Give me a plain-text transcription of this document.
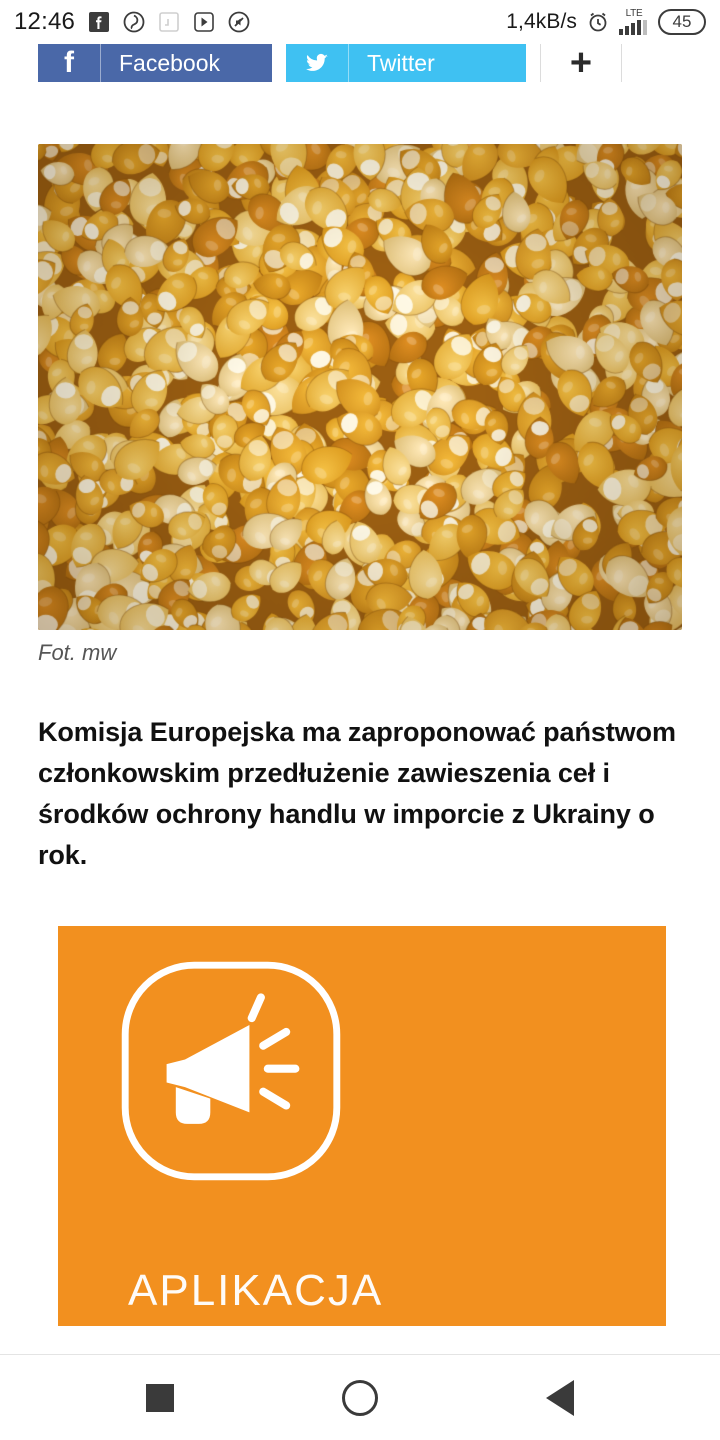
12:46	1,4kB/s	LTE 45
f	Facebook	Twitter	+
Fot. mw
Komisja Europejska ma zaproponować państwom członkowskim przedłużenie zawieszenia ceł i środków ochrony handlu w imporcie z Ukrainy o rok.
APLIKACJA
